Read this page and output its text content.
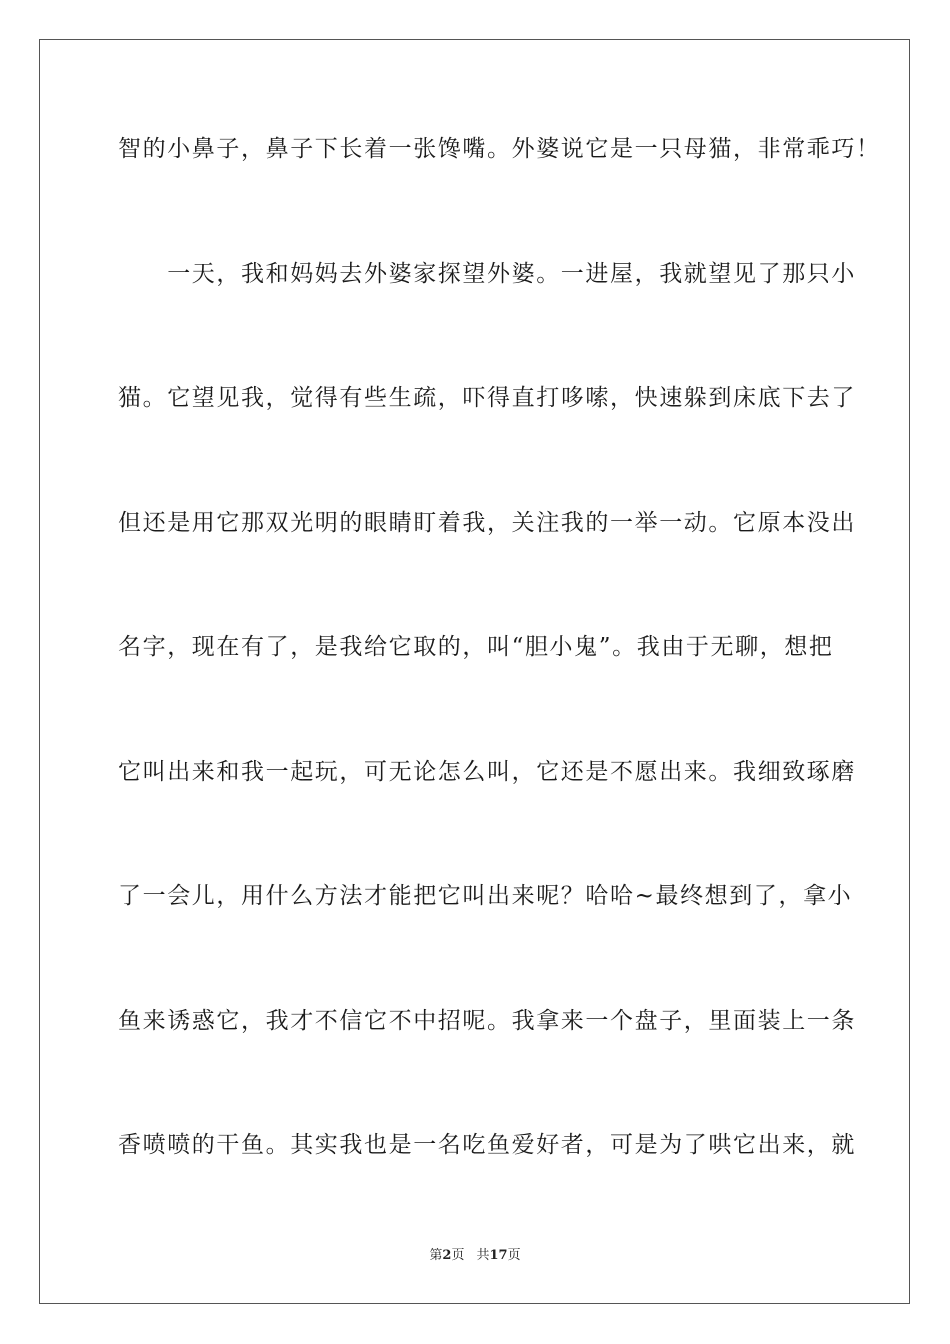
智的小鼻子，鼻子下长着一张馋嘴。外婆说它是一只母猫，非常乖巧！
　　一天，我和妈妈去外婆家探望外婆。一进屋，我就望见了那只小
猫。它望见我，觉得有些生疏，吓得直打哆嗦，快速躲到床底下去了
但还是用它那双光明的眼睛盯着我，关注我的一举一动。它原本没出
名字，现在有了，是我给它取的，叫“胆小鬼”。我由于无聊，想把
它叫出来和我一起玩，可无论怎么叫，它还是不愿出来。我细致琢磨
了一会儿，用什么方法才能把它叫出来呢？哈哈~最终想到了，拿小
鱼来诱惑它，我才不信它不中招呢。我拿来一个盘子，里面装上一条
香喷喷的干鱼。其实我也是一名吃鱼爱好者，可是为了哄它出来，就
第2页 共17页
